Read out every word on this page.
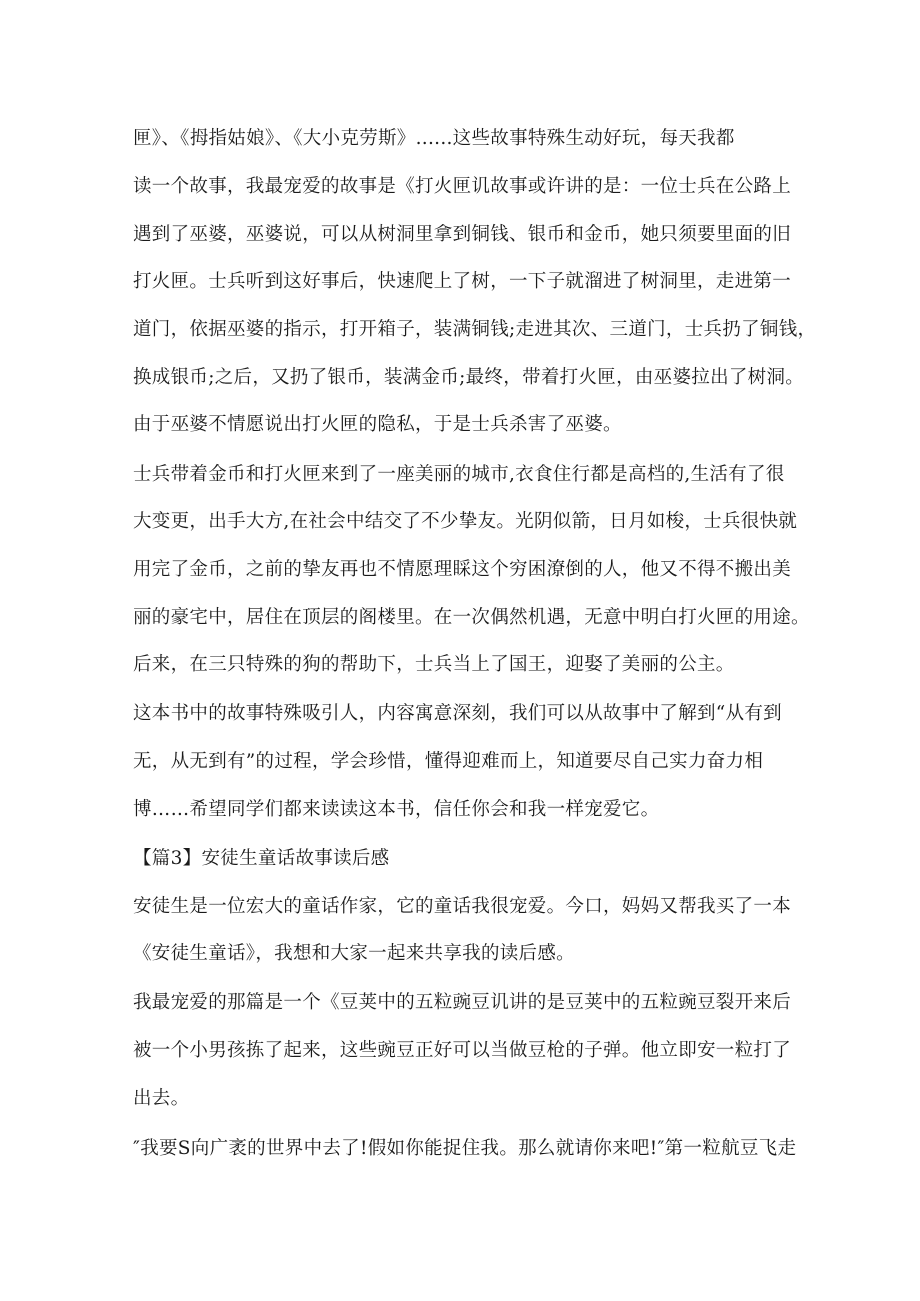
匣》、《拇指姑娘》、《大小克劳斯》......这些故事特殊生动好玩，每天我都
读一个故事，我最宠爱的故事是《打火匣讥故事或许讲的是：一位士兵在公路上
遇到了巫婆，巫婆说，可以从树洞里拿到铜钱、银币和金币，她只须要里面的旧
打火匣。士兵听到这好事后，快速爬上了树，一下子就溜进了树洞里，走进第一
道门，依据巫婆的指示，打开箱子，装满铜钱;走进其次、三道门，士兵扔了铜钱，
换成银币;之后，又扔了银币，装满金币;最终，带着打火匣，由巫婆拉出了树洞。
由于巫婆不情愿说出打火匣的隐私，于是士兵杀害了巫婆。
士兵带着金币和打火匣来到了一座美丽的城市,衣食住行都是高档的,生活有了很
大变更，出手大方,在社会中结交了不少挚友。光阴似箭，日月如梭，士兵很快就
用完了金币，之前的挚友再也不情愿理睬这个穷困潦倒的人，他又不得不搬出美
丽的豪宅中，居住在顶层的阁楼里。在一次偶然机遇，无意中明白打火匣的用途。
后来，在三只特殊的狗的帮助下，士兵当上了国王，迎娶了美丽的公主。
这本书中的故事特殊吸引人，内容寓意深刻，我们可以从故事中了解到“从有到
无，从无到有”的过程，学会珍惜，懂得迎难而上，知道要尽自己实力奋力相
博……希望同学们都来读读这本书，信任你会和我一样宠爱它。
【篇3】安徒生童话故事读后感
安徒生是一位宏大的童话作家，它的童话我很宠爱。今口，妈妈又帮我买了一本
《安徒生童话》，我想和大家一起来共享我的读后感。
我最宠爱的那篇是一个《豆荚中的五粒豌豆讥讲的是豆荚中的五粒豌豆裂开来后
被一个小男孩拣了起来，这些豌豆正好可以当做豆枪的子弹。他立即安一粒打了
出去。
″我要S向广袤的世界中去了!假如你能捉住我。那么就请你来吧!″第一粒航豆飞走
